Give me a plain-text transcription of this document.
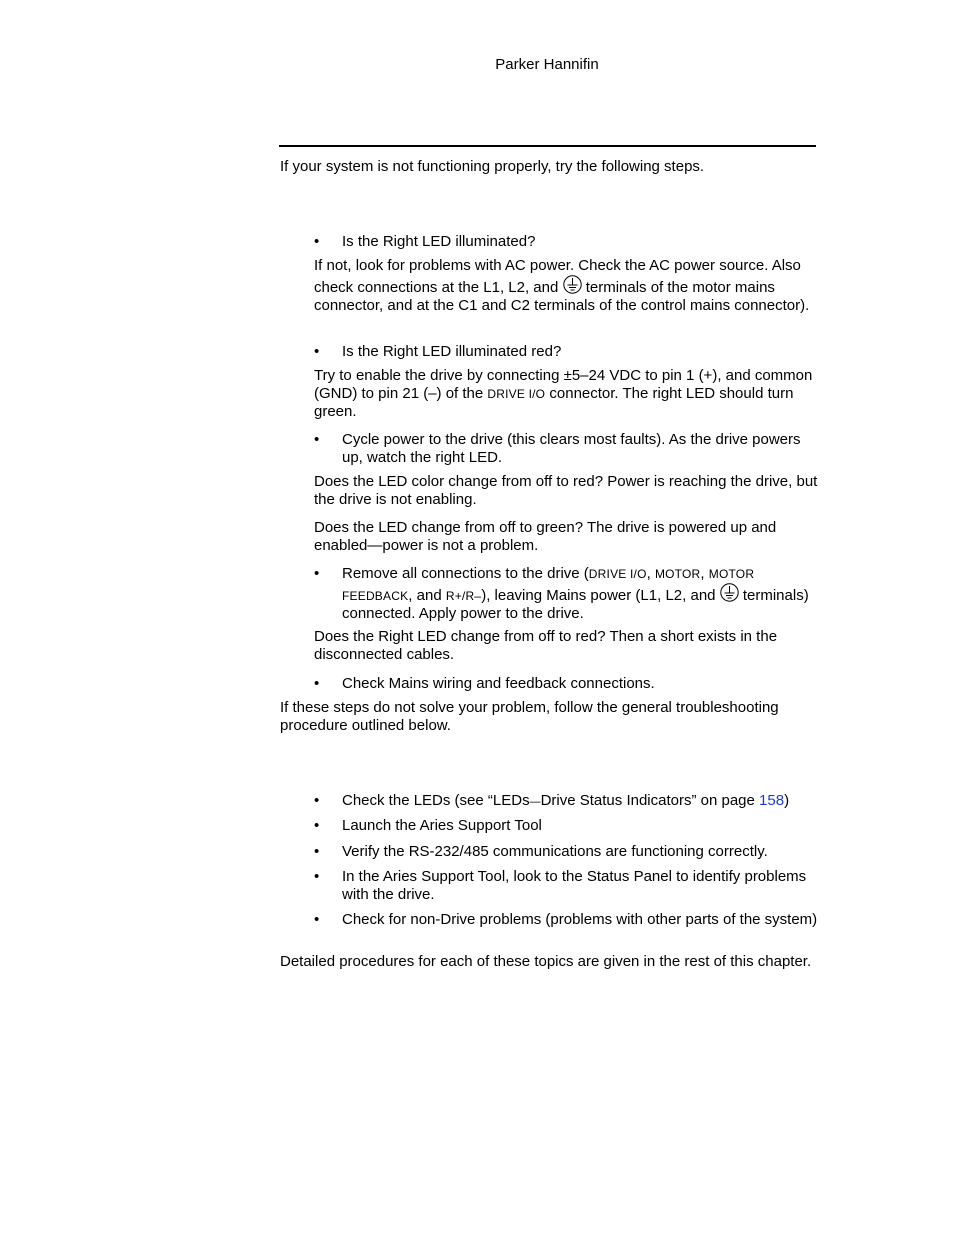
Parker Hannifin

If your system is not functioning properly, try the following steps.

•	Is the Right LED illuminated?

If not, look for problems with AC power. Check the AC power source. Also check connections at the L1, L2, and terminals of the motor mains connector, and at the C1 and C2 terminals of the control mains connector).

•	Is the Right LED illuminated red?

Try to enable the drive by connecting ±5–24 VDC to pin 1 (+), and common (GND) to pin 21 (–) of the DRIVE I/O connector. The right LED should turn green.

•	Cycle power to the drive (this clears most faults). As the drive powers up, watch the right LED.

Does the LED color change from off to red? Power is reaching the drive, but the drive is not enabling.

Does the LED change from off to green? The drive is powered up and enabled—power is not a problem.

•	Remove all connections to the drive (DRIVE I/O, MOTOR, MOTOR FEEDBACK, and R+/R–), leaving Mains power (L1, L2, and terminals) connected. Apply power to the drive.

Does the Right LED change from off to red? Then a short exists in the disconnected cables.

•	Check Mains wiring and feedback connections.

If these steps do not solve your problem, follow the general troubleshooting procedure outlined below.

•	Check the LEDs (see “LEDs—Drive Status Indicators” on page 158)
•	Launch the Aries Support Tool
•	Verify the RS-232/485 communications are functioning correctly.
•	In the Aries Support Tool, look to the Status Panel to identify problems with the drive.
•	Check for non-Drive problems (problems with other parts of the system)

Detailed procedures for each of these topics are given in the rest of this chapter.
